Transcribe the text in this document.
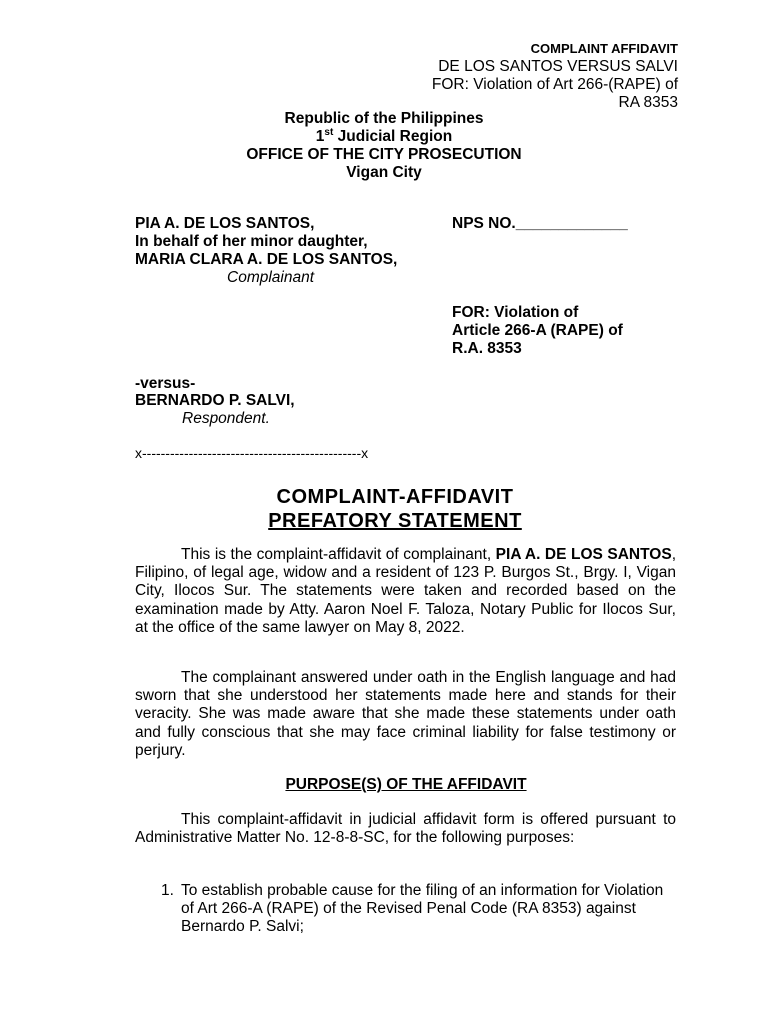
COMPLAINT AFFIDAVIT
DE LOS SANTOS VERSUS SALVI
FOR: Violation of Art 266-(RAPE) of
RA 8353
Republic of the Philippines
1st Judicial Region
OFFICE OF THE CITY PROSECUTION
Vigan City
PIA A. DE LOS SANTOS,
In behalf of her minor daughter,
MARIA CLARA A. DE LOS SANTOS,
Complainant
NPS NO._____________
FOR: Violation of
Article 266-A (RAPE) of
R.A. 8353
-versus-
BERNARDO P. SALVI,
Respondent.
x-----------------------------------------------x
COMPLAINT-AFFIDAVIT
PREFATORY STATEMENT
This is the complaint-affidavit of complainant, PIA A. DE LOS SANTOS, Filipino, of legal age, widow and a resident of 123 P. Burgos St., Brgy. I, Vigan City, Ilocos Sur. The statements were taken and recorded based on the examination made by Atty. Aaron Noel F. Taloza, Notary Public for Ilocos Sur, at the office of the same lawyer on May 8, 2022.
The complainant answered under oath in the English language and had sworn that she understood her statements made here and stands for their veracity. She was made aware that she made these statements under oath and fully conscious that she may face criminal liability for false testimony or perjury.
PURPOSE(S) OF THE AFFIDAVIT
This complaint-affidavit in judicial affidavit form is offered pursuant to Administrative Matter No. 12-8-8-SC, for the following purposes:
1. To establish probable cause for the filing of an information for Violation of Art 266-A (RAPE) of the Revised Penal Code (RA 8353) against Bernardo P. Salvi;
